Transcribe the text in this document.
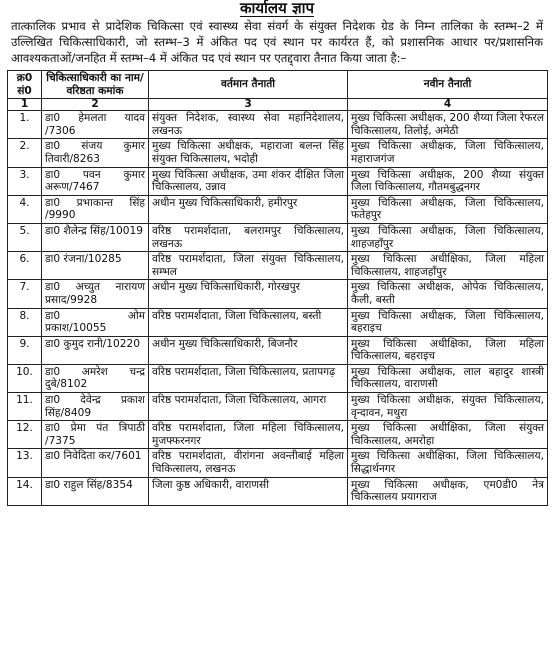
कार्यालय ज्ञाप

तात्कालिक प्रभाव से प्रादेशिक चिकित्सा एवं स्वास्थ्य सेवा संवर्ग के संयुक्त निदेशक ग्रेड के निम्न तालिका के स्तम्भ–2 में उल्लिखित चिकित्साधिकारी, जो स्तम्भ–3 में अंकित पद एवं स्थान पर कार्यरत हैं, को प्रशासनिक आधार पर/प्रशासनिक आवश्यकताओं/जनहित में स्तम्भ–4 में अंकित पद एवं स्थान पर एतद्द्वारा तैनात किया जाता है:–

क्र0 सं0	चिकित्साधिकारी का नाम/वरिष्ठता कमांक	वर्तमान तैनाती	नवीन तैनाती
1	2	3	4
1.	डा0 हेमलता यादव /7306	संयुक्त निदेशक, स्वास्थ्य सेवा महानिदेशालय, लखनऊ	मुख्य चिकित्सा अधीक्षक, 200 शैय्या जिला रेफरल चिकित्सालय, तिलोई, अमेठी
2.	डा0 संजय कुमार तिवारी/8263	मुख्य चिकित्सा अधीक्षक, महाराजा बलन्त सिंह संयुक्त चिकित्सालय, भदोही	मुख्य चिकित्सा अधीक्षक, जिला चिकित्सालय, महाराजगंज
3.	डा0 पवन कुमार अरूण/7467	मुख्य चिकित्सा अधीक्षक, उमा शंकर दीक्षित जिला चिकित्सालय, उन्नाव	मुख्य चिकित्सा अधीक्षक, 200 शैय्या संयुक्त जिला चिकित्सालय, गौतमबुद्धनगर
4.	डा0 प्रभाकान्त सिंह /9990	अधीन मुख्य चिकित्साधिकारी, हमीरपुर	मुख्य चिकित्सा अधीक्षक, जिला चिकित्सालय, फतेहपुर
5.	डा0 शैलेन्द्र सिंह/10019	वरिष्ठ परामर्शदाता, बलरामपुर चिकित्सालय, लखनऊ	मुख्य चिकित्सा अधीक्षक, जिला चिकित्सालय, शाहजहाँपुर
6.	डा0 रंजना/10285	वरिष्ठ परामर्शदाता, जिला संयुक्त चिकित्सालय, सम्भल	मुख्य चिकित्सा अधीक्षिका, जिला महिला चिकित्सालय, शाहजहाँपुर
7.	डा0 अच्युत नारायण प्रसाद/9928	अधीन मुख्य चिकित्साधिकारी, गोरखपुर	मुख्य चिकित्सा अधीक्षक, ओपेक चिकित्सालय, कैली, बस्ती
8.	डा0 ओम प्रकाश/10055	वरिष्ठ परामर्शदाता, जिला चिकित्सालय, बस्ती	मुख्य चिकित्सा अधीक्षक, जिला चिकित्सालय, बहराइच
9.	डा0 कुमुद रानी/10220	अधीन मुख्य चिकित्साधिकारी, बिजनौर	मुख्य चिकित्सा अधीक्षिका, जिला महिला चिकित्सालय, बहराइच
10.	डा0 अमरेश चन्द्र दुबे/8102	वरिष्ठ परामर्शदाता, जिला चिकित्सालय, प्रतापगढ़	मुख्य चिकित्सा अधीक्षक, लाल बहादुर शास्त्री चिकित्सालय, वाराणसी
11.	डा0 देवेन्द्र प्रकाश सिंह/8409	वरिष्ठ परामर्शदाता, जिला चिकित्सालय, आगरा	मुख्य चिकित्सा अधीक्षक, संयुक्त चिकित्सालय, वृन्दावन, मथुरा
12.	डा0 प्रेमा पंत त्रिपाठी /7375	वरिष्ठ परामर्शदाता, जिला महिला चिकित्सालय, मुजफ्फरनगर	मुख्य चिकित्सा अधीक्षिका, जिला संयुक्त चिकित्सालय, अमरोहा
13.	डा0 निवेदिता कर/7601	वरिष्ठ परामर्शदाता, वीरांगना अवन्तीबाई महिला चिकित्सालय, लखनऊ	मुख्य चिकित्सा अधीक्षिका, जिला चिकित्सालय, सिद्धार्थनगर
14.	डा0 राहुल सिंह/8354	जिला कुष्ठ अधिकारी, वाराणसी	मुख्य चिकित्सा अधीक्षक, एम0डी0 नेत्र चिकित्सालय प्रयागराज
